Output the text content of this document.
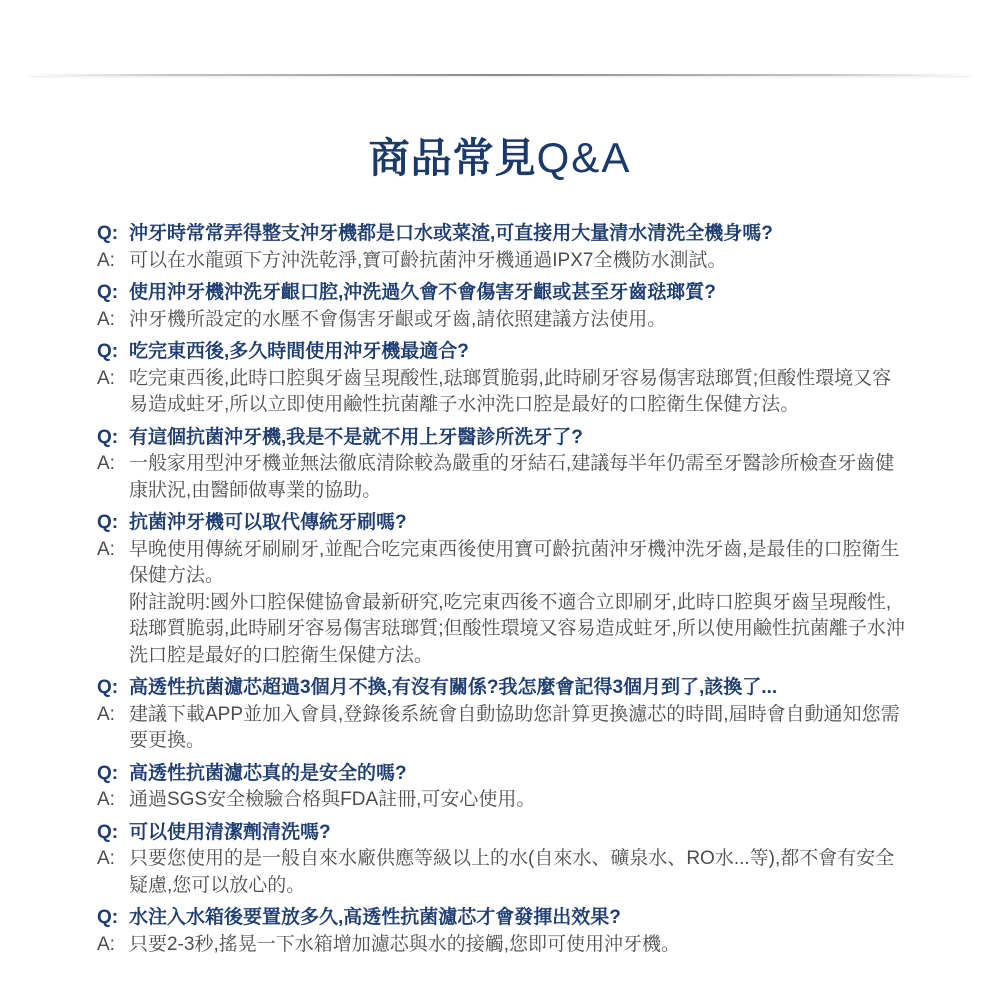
商品常見Q&A
Q: 沖牙時常常弄得整支沖牙機都是口水或菜渣,可直接用大量清水清洗全機身嗎?
A: 可以在水龍頭下方沖洗乾淨,寶可齡抗菌沖牙機通過IPX7全機防水測試。
Q: 使用沖牙機沖洗牙齦口腔,沖洗過久會不會傷害牙齦或甚至牙齒琺瑯質?
A: 沖牙機所設定的水壓不會傷害牙齦或牙齒,請依照建議方法使用。
Q: 吃完東西後,多久時間使用沖牙機最適合?
A: 吃完東西後,此時口腔與牙齒呈現酸性,琺瑯質脆弱,此時刷牙容易傷害琺瑯質;但酸性環境又容易造成蛀牙,所以立即使用鹼性抗菌離子水沖洗口腔是最好的口腔衛生保健方法。
Q: 有這個抗菌沖牙機,我是不是就不用上牙醫診所洗牙了?
A: 一般家用型沖牙機並無法徹底清除較為嚴重的牙結石,建議每半年仍需至牙醫診所檢查牙齒健康狀況,由醫師做專業的協助。
Q: 抗菌沖牙機可以取代傳統牙刷嗎?
A: 早晚使用傳統牙刷刷牙,並配合吃完東西後使用寶可齡抗菌沖牙機沖洗牙齒,是最佳的口腔衛生保健方法。
附註說明:國外口腔保健協會最新研究,吃完東西後不適合立即刷牙,此時口腔與牙齒呈現酸性,琺瑯質脆弱,此時刷牙容易傷害琺瑯質;但酸性環境又容易造成蛀牙,所以使用鹼性抗菌離子水沖洗口腔是最好的口腔衛生保健方法。
Q: 高透性抗菌濾芯超過3個月不換,有沒有關係?我怎麼會記得3個月到了,該換了...
A: 建議下載APP並加入會員,登錄後系統會自動協助您計算更換濾芯的時間,屆時會自動通知您需要更換。
Q: 高透性抗菌濾芯真的是安全的嗎?
A: 通過SGS安全檢驗合格與FDA註冊,可安心使用。
Q: 可以使用清潔劑清洗嗎?
A: 只要您使用的是一般自來水廠供應等級以上的水(自來水、礦泉水、RO水...等),都不會有安全疑慮,您可以放心的。
Q: 水注入水箱後要置放多久,高透性抗菌濾芯才會發揮出效果?
A: 只要2-3秒,搖晃一下水箱增加濾芯與水的接觸,您即可使用沖牙機。
